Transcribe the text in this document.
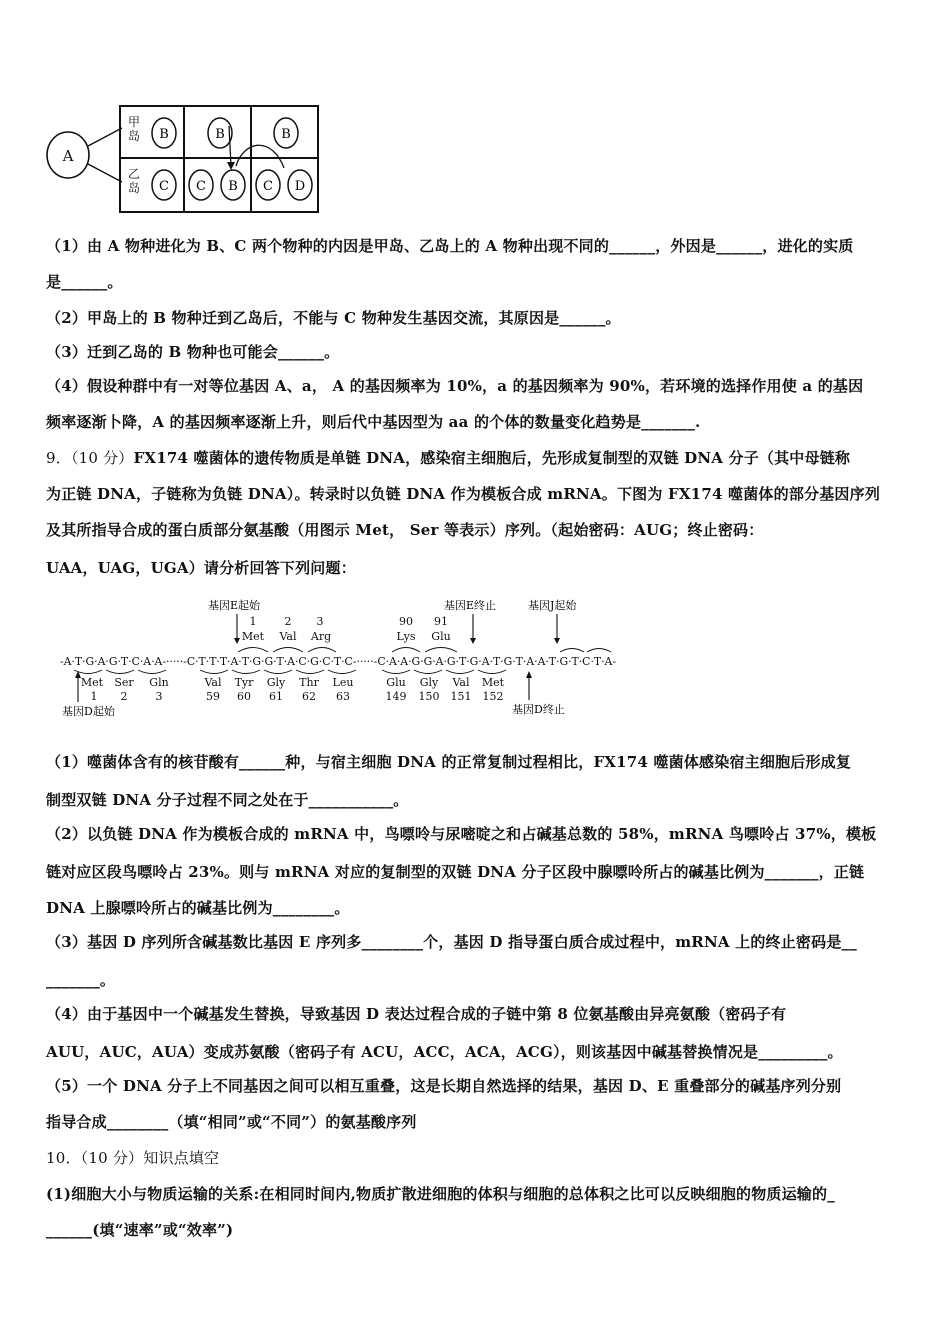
A
甲岛
乙岛
B	B	B
C C B C D
（1）由 A 物种进化为 B、C 两个物种的内因是甲岛、乙岛上的 A 物种出现不同的______，外因是______，进化的实质
是______。
（2）甲岛上的 B 物种迁到乙岛后，不能与 C 物种发生基因交流，其原因是______。
（3）迁到乙岛的 B 物种也可能会______。
（4）假设种群中有一对等位基因 A、a， A 的基因频率为 10%，a 的基因频率为 90%，若环境的选择作用使 a 的基因
频率逐渐卜降，A 的基因频率逐渐上升，则后代中基因型为 aa 的个体的数量变化趋势是_______.
9．（10 分）FX174 噬菌体的遗传物质是单链 DNA，感染宿主细胞后，先形成复制型的双链 DNA 分子（其中母链称
为正链 DNA，子链称为负链 DNA）。转录时以负链 DNA 作为模板合成 mRNA。下图为 FX174 噬菌体的部分基因序列
及其所指导合成的蛋白质部分氨基酸（用图示 Met， Ser 等表示）序列。（起始密码：AUG；终止密码：
UAA，UAG，UGA）请分析回答下列问题：
基因E起始	基因E终止	基因J起始
1	2 3	90 91
Met Val Arg	Lys Glu
-A·T·G·A·G·T·C·A·A-·····-C·T·T·T·A·T·G·G·T·A·C·G·C·T·C-·····-C·A·A·G·G·A·G·T·G·A·T·G·T·A·A·T·G·T·C·T·A-
Met Ser Gln	Val Tyr Gly Thr Leu	Glu Gly Val Met
1 2	3	59 60 61 62 63	149 150 151 152
基因D起始	基因D终止
（1）噬菌体含有的核苷酸有______种，与宿主细胞 DNA 的正常复制过程相比，FX174 噬菌体感染宿主细胞后形成复
制型双链 DNA 分子过程不同之处在于___________。
（2）以负链 DNA 作为模板合成的 mRNA 中，鸟嘌呤与尿嘧啶之和占碱基总数的 58%，mRNA 鸟嘌呤占 37%，模板
链对应区段鸟嘌呤占 23%。则与 mRNA 对应的复制型的双链 DNA 分子区段中腺嘌呤所占的碱基比例为_______，正链
DNA 上腺嘌呤所占的碱基比例为________。
（3）基因 D 序列所含碱基数比基因 E 序列多________个，基因 D 指导蛋白质合成过程中，mRNA 上的终止密码是__
_______。
（4）由于基因中一个碱基发生替换，导致基因 D 表达过程合成的子链中第 8 位氨基酸由异亮氨酸（密码子有
AUU，AUC，AUA）变成苏氨酸（密码子有 ACU，ACC，ACA，ACG），则该基因中碱基替换情况是_________。
（5）一个 DNA 分子上不同基因之间可以相互重叠，这是长期自然选择的结果，基因 D、E 重叠部分的碱基序列分别
指导合成________（填“相同”或“不同”）的氨基酸序列
10．（10 分）知识点填空
(1)细胞大小与物质运输的关系:在相同时间内,物质扩散进细胞的体积与细胞的总体积之比可以反映细胞的物质运输的_
______(填“速率”或“效率”)
